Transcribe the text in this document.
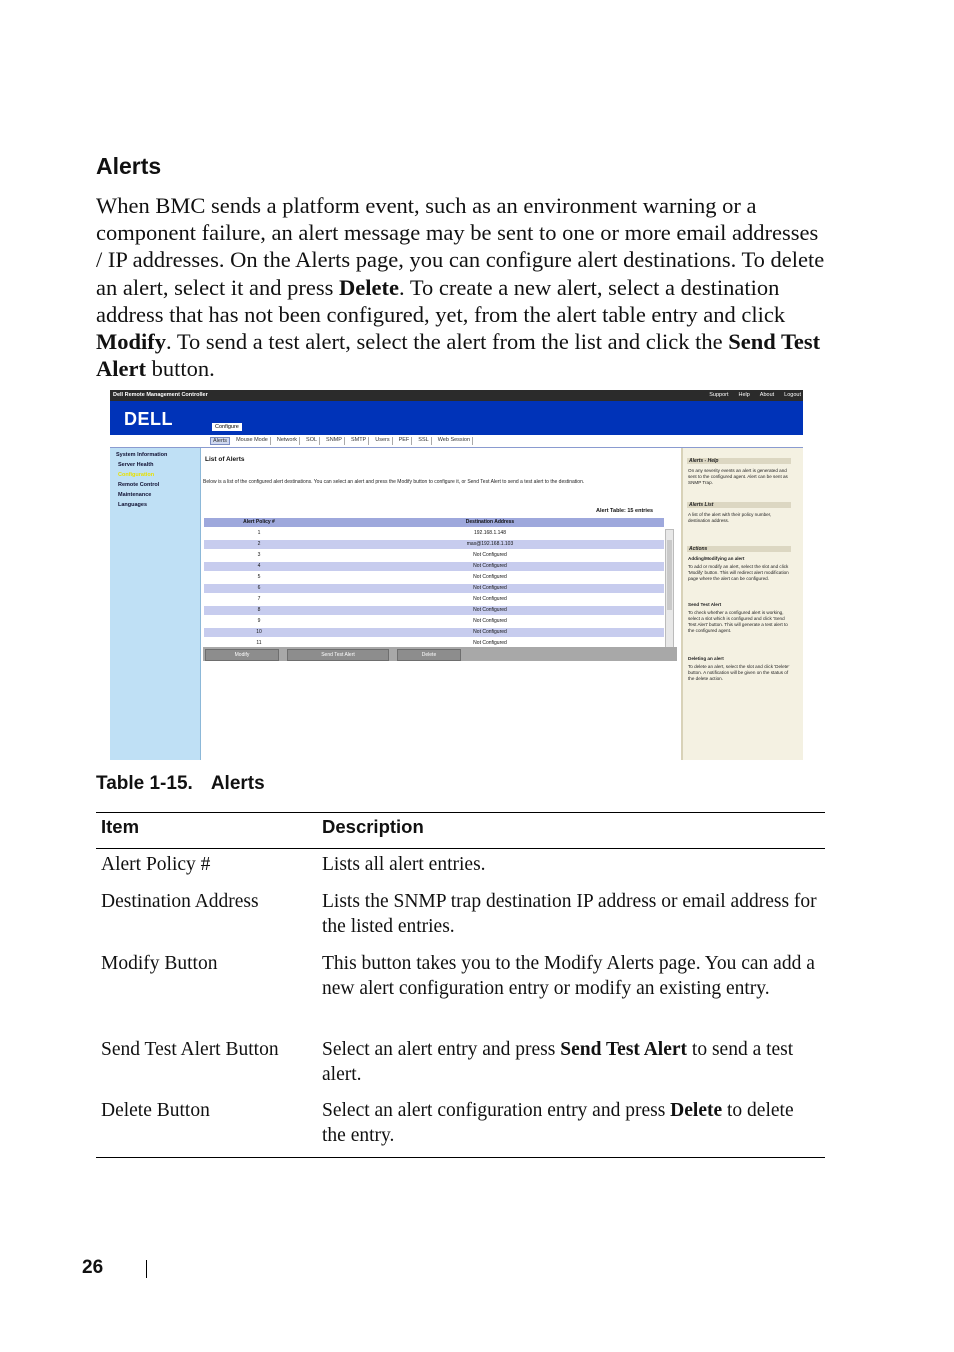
Alerts
When BMC sends a platform event, such as an environment warning or a component failure, an alert message may be sent to one or more email addresses / IP addresses. On the Alerts page, you can configure alert destinations. To delete an alert, select it and press Delete. To create a new alert, select a destination address that has not been configured, yet, from the alert table entry and click Modify. To send a test alert, select the alert from the list and click the Send Test Alert button.
Dell Remote Management Controller	Support Help About Logout
DELL	Configure
Alerts	Mouse Mode	Network	SOL	SNMP	SMTP	Users	PEF	SSL	Web Session
System Information
Server Health
Configuration
Remote Control
Maintenance
Languages
List of Alerts
Below is a list of the configured alert destinations. You can select an alert and press the Modify button to configure it, or Send Test Alert to send a test alert to the destination.
Alert Table: 15 entries
Alert Policy #	Destination Address
1	192.168.1.148
2	max@192.168.1.103
3	Not Configured
4	Not Configured
5	Not Configured
6	Not Configured
7	Not Configured
8	Not Configured
9	Not Configured
10	Not Configured
11	Not Configured
Modify	Send Test Alert	Delete
Alerts - Help
On any severity events an alert is generated and sent to the configured agent. Alert can be sent as SNMP Trap.
Alerts List
A list of the alert with their policy number, destination address.
Actions
Adding/Modifying an alert
To add or modify an alert, select the slot and click 'Modify' button. This will redirect alert modification page where the alert can be configured.
Send Test Alert
To check whether a configured alert is working, select a slot which is configured and click 'Send Test Alert' button. This will generate a test alert to the configured agent.
Deleting an alert
To delete an alert, select the slot and click 'Delete' button. A notification will be given on the status of the delete action.
Table 1-15. Alerts
Item	Description
Alert Policy #	Lists all alert entries.
Destination Address	Lists the SNMP trap destination IP address or email address for the listed entries.
Modify Button	This button takes you to the Modify Alerts page. You can add a new alert configuration entry or modify an existing entry.
Send Test Alert Button	Select an alert entry and press Send Test Alert to send a test alert.
Delete Button	Select an alert configuration entry and press Delete to delete the entry.
26
